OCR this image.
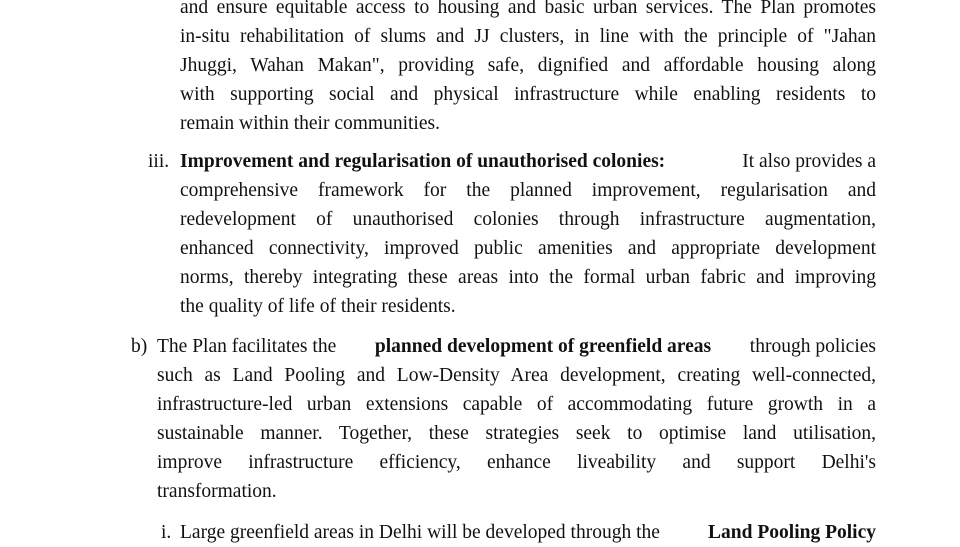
and ensure equitable access to housing and basic urban services. The Plan promotes
in-situ rehabilitation of slums and JJ clusters, in line with the principle of "Jahan
Jhuggi, Wahan Makan", providing safe, dignified and affordable housing along
with supporting social and physical infrastructure while enabling residents to
remain within their communities.
iii. Improvement and regularisation of unauthorised colonies:	It also provides a
comprehensive framework for the planned improvement, regularisation and
redevelopment of unauthorised colonies through infrastructure augmentation,
enhanced connectivity, improved public amenities and appropriate development
norms, thereby integrating these areas into the formal urban fabric and improving
the quality of life of their residents.
b) The Plan facilitates the planned development of greenfield areas through policies
such as Land Pooling and Low-Density Area development, creating well-connected,
infrastructure-led urban extensions capable of accommodating future growth in a
sustainable manner. Together, these strategies seek to optimise land utilisation,
improve infrastructure efficiency, enhance liveability and support Delhi's
transformation.
i. Large greenfield areas in Delhi will be developed through the Land Pooling Policy
